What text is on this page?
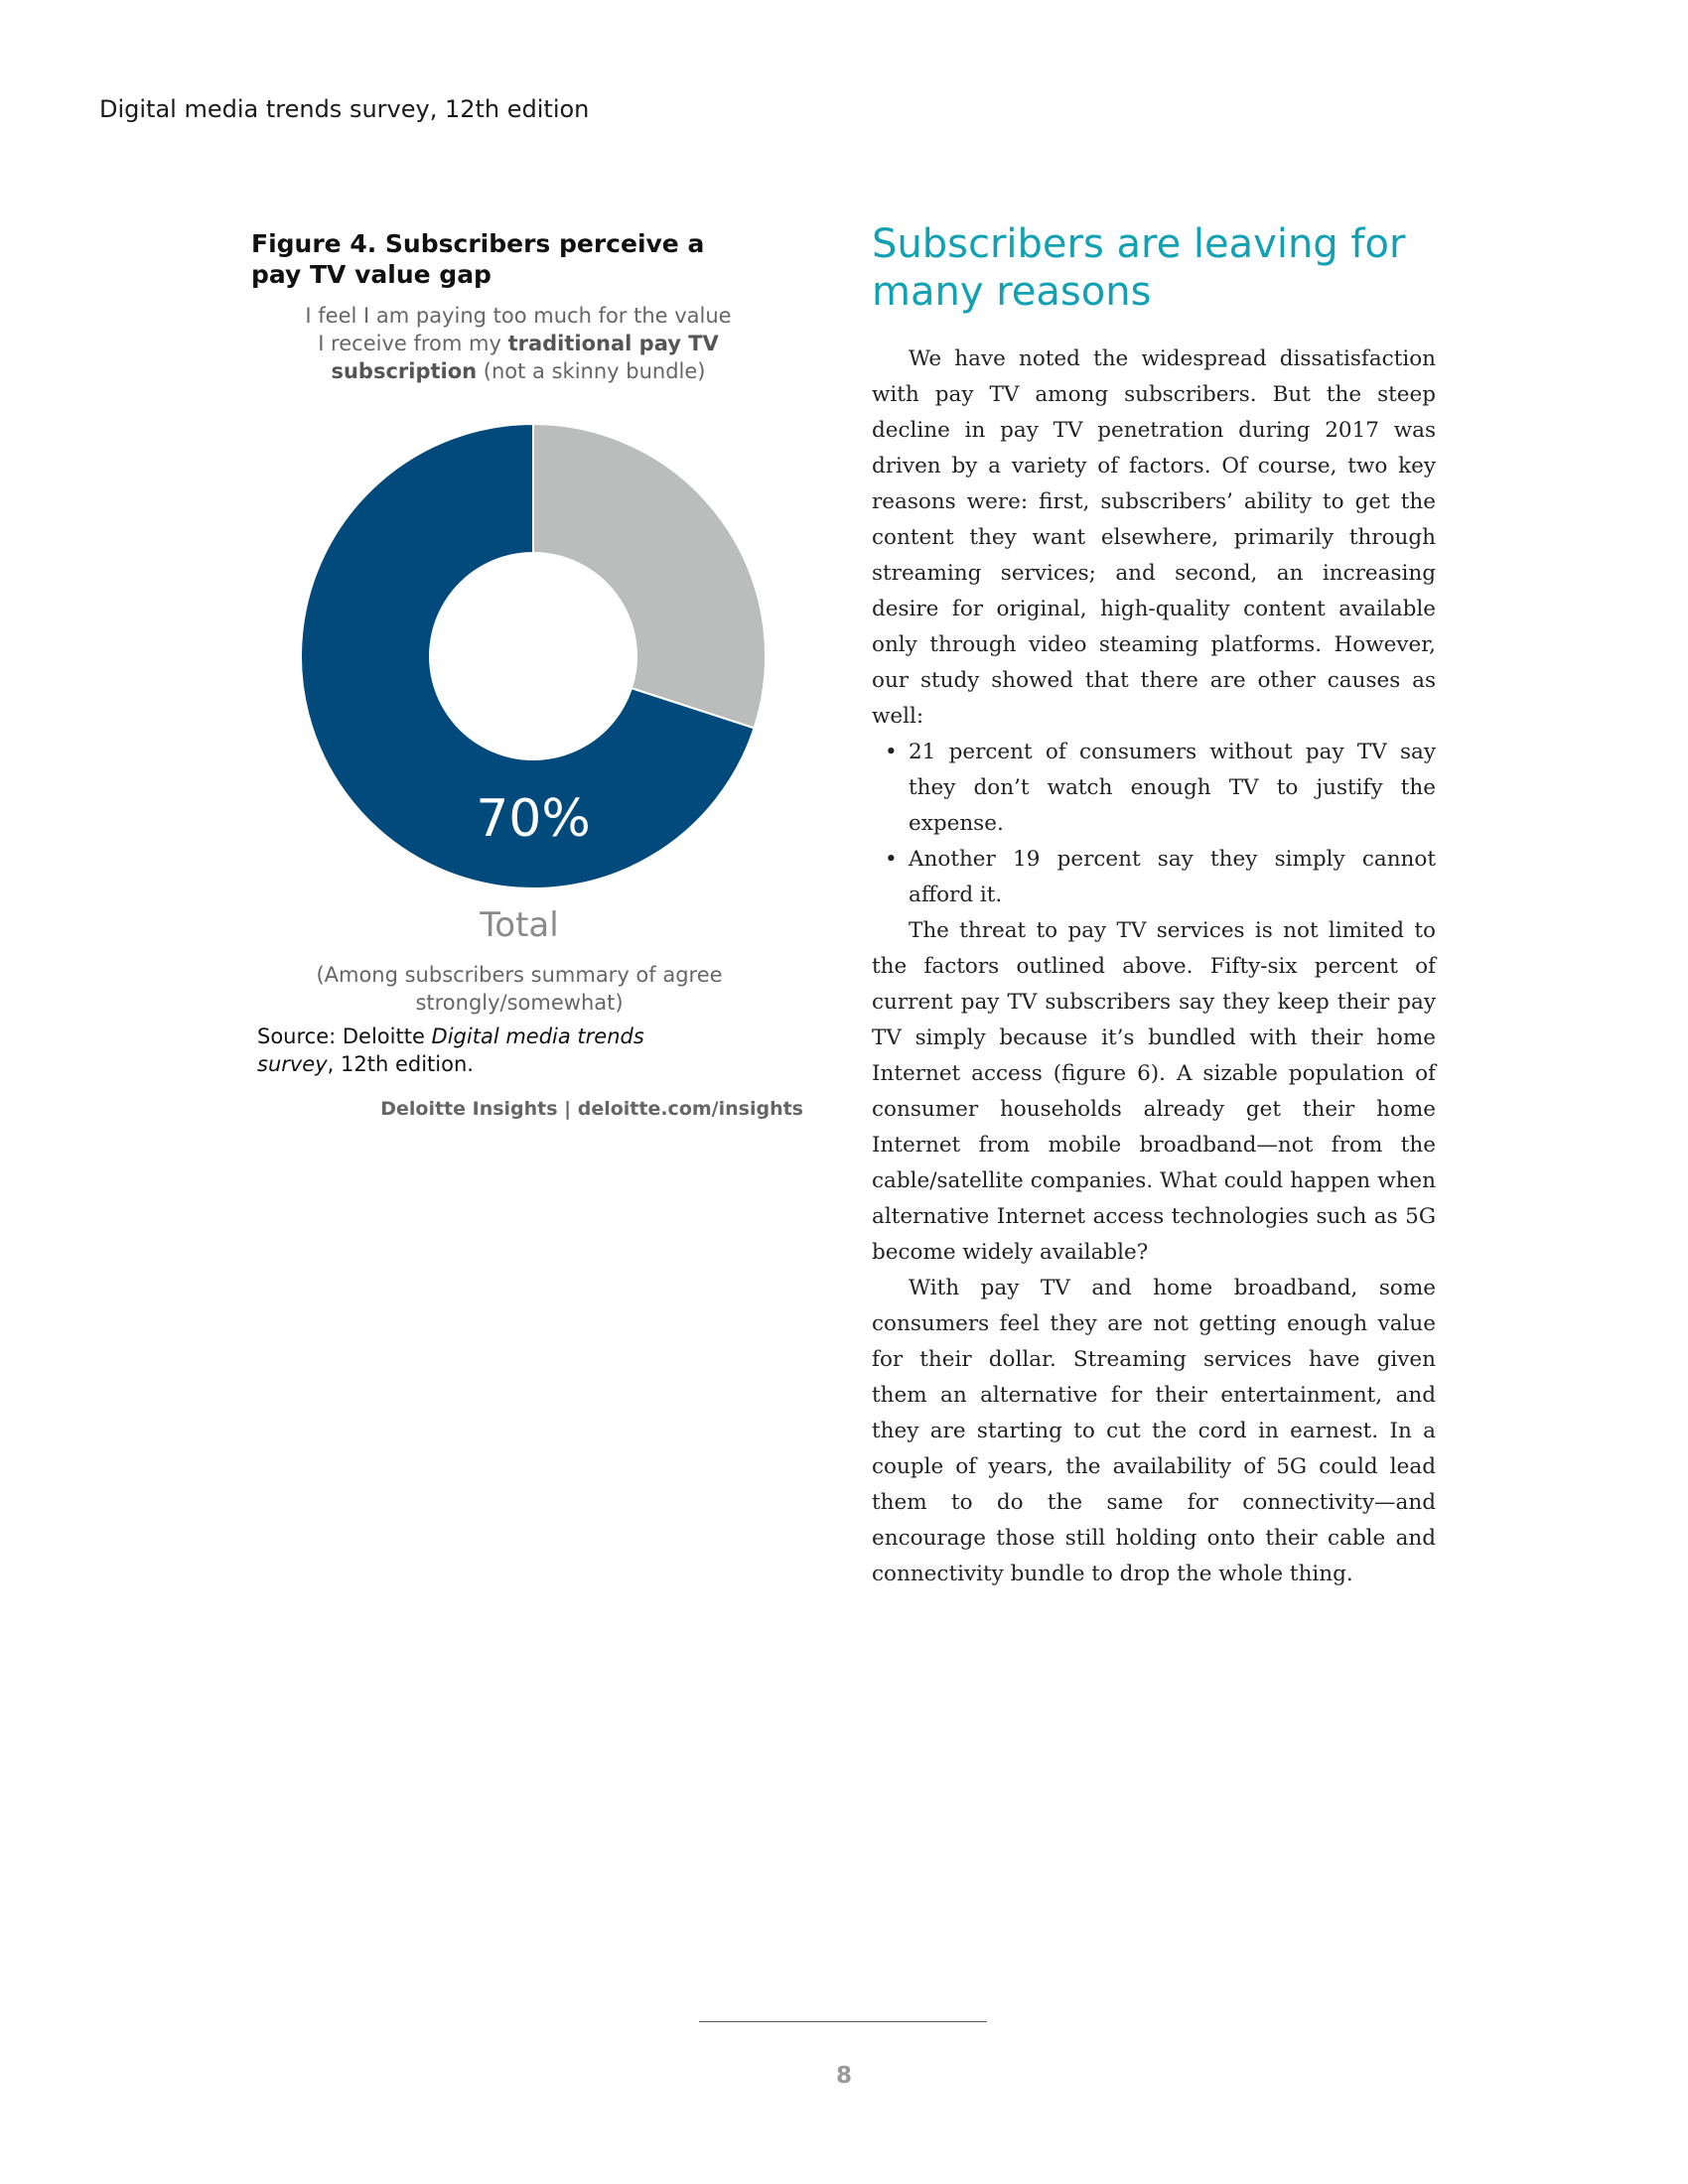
Digital media trends survey, 12th edition
Figure 4. Subscribers perceive a pay TV value gap
I feel I am paying too much for the value I receive from my traditional pay TV subscription (not a skinny bundle)
70%
Total
(Among subscribers summary of agree strongly/somewhat)
Source: Deloitte Digital media trends survey, 12th edition.
Deloitte Insights | deloitte.com/insights
Subscribers are leaving for many reasons

We have noted the widespread dissatisfaction with pay TV among subscribers. But the steep decline in pay TV penetration during 2017 was driven by a variety of factors. Of course, two key reasons were: first, subscribers’ ability to get the content they want elsewhere, primarily through streaming services; and second, an increasing desire for original, high-quality content available only through video steaming platforms. However, our study showed that there are other causes as well:

• 21 percent of consumers without pay TV say they don’t watch enough TV to justify the expense.
• Another 19 percent say they simply cannot afford it.

The threat to pay TV services is not limited to the factors outlined above. Fifty-six percent of current pay TV subscribers say they keep their pay TV simply because it’s bundled with their home Internet access (figure 6). A sizable population of consumer households already get their home Internet from mobile broadband—not from the cable/satellite companies. What could happen when alternative Internet access technologies such as 5G become widely available?

With pay TV and home broadband, some consumers feel they are not getting enough value for their dollar. Streaming services have given them an alternative for their entertainment, and they are starting to cut the cord in earnest. In a couple of years, the availability of 5G could lead them to do the same for connectivity—and encourage those still holding onto their cable and connectivity bundle to drop the whole thing.

8
